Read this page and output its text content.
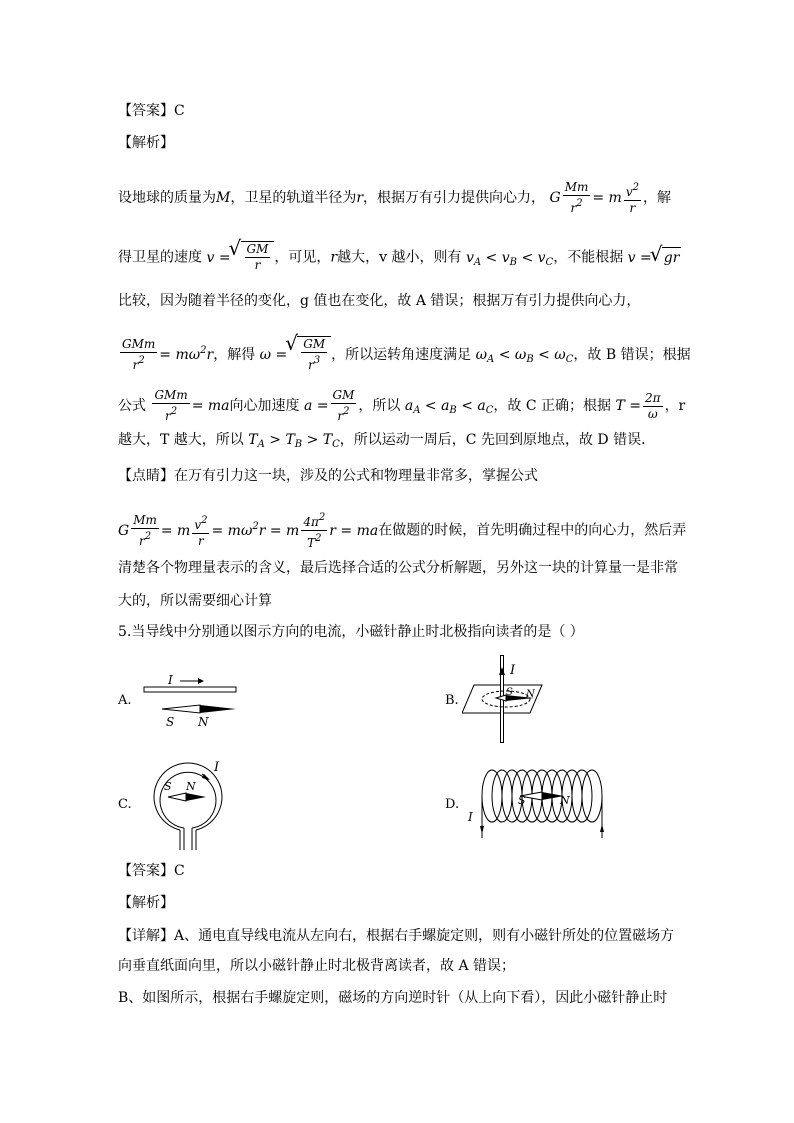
【答案】C
【解析】
设地球的质量为M，卫星的轨道半径为r，根据万有引力提供向心力， G $\frac{Mm}{r^2} = m \frac{v^2}{r}$ ，解
得卫星的速度 v = √ $\frac{GM}{r}$ ，可见，r越大，v 越小，则有 $v_A < v_B < v_C$，不能根据 v = √ gr
比较，因为随着半径的变化，g 值也在变化，故 A 错误；根据万有引力提供向心力，
$\frac{\text{GMm}}{r^2} = m\omega^2r$，解得 ω = √ $\frac{GM}{r^3}$ ，所以运转角速度满足 $\omega_A < \omega_B < \omega_C$，故 B 错误；根据
公式 $\frac{\text{GMm}}{r^2}$ = ma向心加速度 $a = \frac{GM}{r^2}$ ，所以 $a_A < a_B < a_C$，故 C 正确；根据 $T = \frac{2\pi}{\omega}$ ，r
越大，T 越大，所以 $T_A > T_B > T_C$，所以运动一周后，C 先回到原地点，故 D 错误．
【点睛】在万有引力这一块，涉及的公式和物理量非常多，掌握公式
G $\frac{Mm}{r^2} = m \frac{v^2}{r} = m\omega^2r = m \frac{4\pi^2}{T^2}$ r = ma在做题的时候，首先明确过程中的向心力，然后弄
清楚各个物理量表示的含义，最后选择合适的公式分析解题，另外这一块的计算量一是非常
大的，所以需要细心计算
5.当导线中分别通以图示方向的电流，小磁针静止时北极指向读者的是（ ）
A.
S N
I
B.
S N
I
C.
S N
I
D.	S	N
I
【答案】C
【解析】
【详解】A、通电直导线电流从左向右，根据右手螺旋定则，则有小磁针所处的位置磁场方
向垂直纸面向里，所以小磁针静止时北极背离读者，故 A 错误；
B、如图所示，根据右手螺旋定则，磁场的方向逆时针（从上向下看），因此小磁针静止时
